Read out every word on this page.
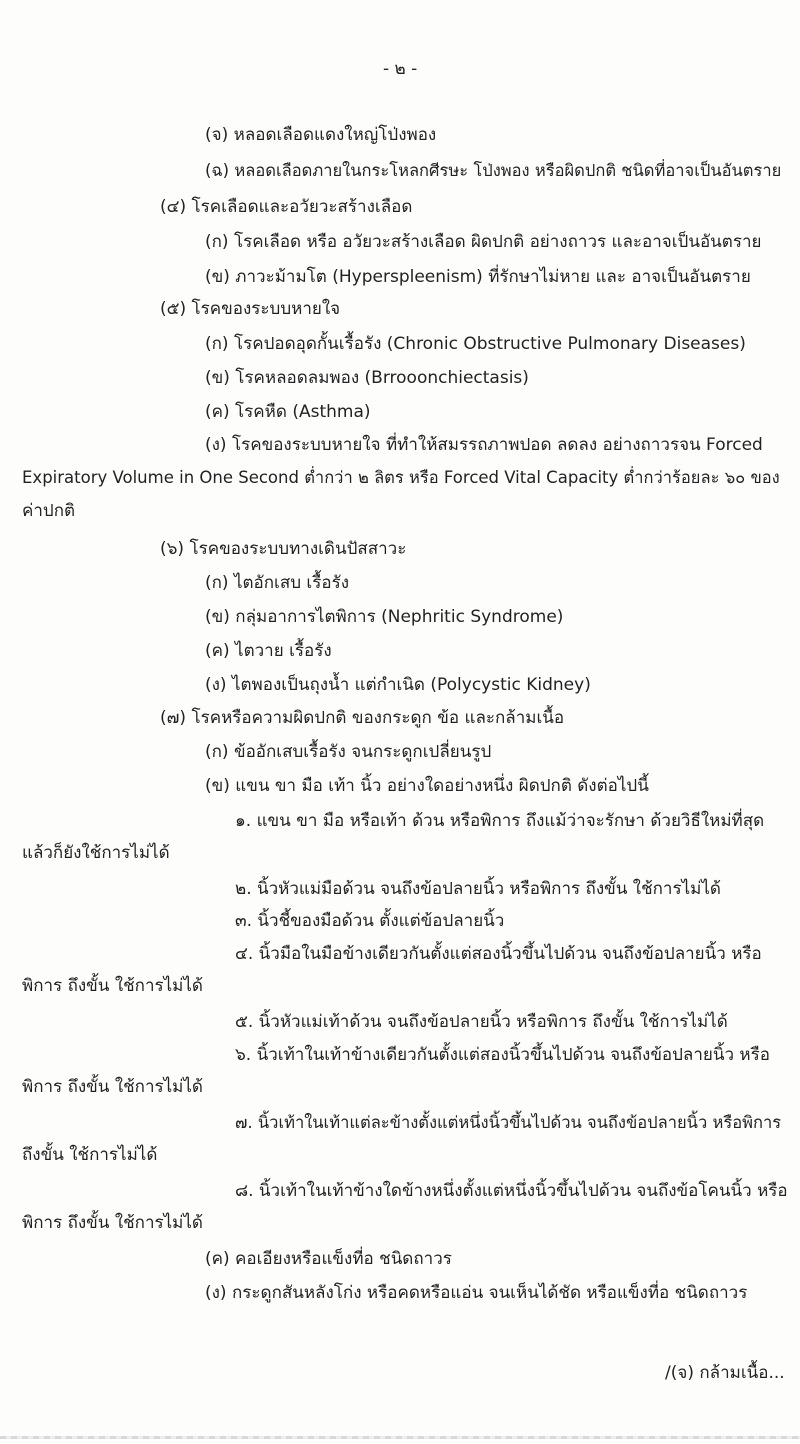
- ๒ -
(จ) หลอดเลือดแดงใหญ่โป่งพอง
(ฉ) หลอดเลือดภายในกระโหลกศีรษะ โป่งพอง หรือผิดปกติ ชนิดที่อาจเป็นอันตราย
(๔) โรคเลือดและอวัยวะสร้างเลือด
(ก) โรคเลือด หรือ อวัยวะสร้างเลือด ผิดปกติ อย่างถาวร และอาจเป็นอันตราย
(ข) ภาวะม้ามโต (Hyperspleenism) ที่รักษาไม่หาย และ อาจเป็นอันตราย
(๕) โรคของระบบหายใจ
(ก) โรคปอดอุดกั้นเรื้อรัง (Chronic Obstructive Pulmonary Diseases)
(ข) โรคหลอดลมพอง (Brrooonchiectasis)
(ค) โรคหืด (Asthma)
(ง) โรคของระบบหายใจ ที่ทำให้สมรรถภาพปอด ลดลง อย่างถาวรจน Forced
Expiratory Volume in One Second ต่ำกว่า ๒ ลิตร หรือ Forced Vital Capacity ต่ำกว่าร้อยละ ๖๐ ของ
ค่าปกติ
(๖) โรคของระบบทางเดินปัสสาวะ
(ก) ไตอักเสบ เรื้อรัง
(ข) กลุ่มอาการไตพิการ (Nephritic Syndrome)
(ค) ไตวาย เรื้อรัง
(ง) ไตพองเป็นถุงน้ำ แต่กำเนิด (Polycystic Kidney)
(๗) โรคหรือความผิดปกติ ของกระดูก ข้อ และกล้ามเนื้อ
(ก) ข้ออักเสบเรื้อรัง จนกระดูกเปลี่ยนรูป
(ข) แขน ขา มือ เท้า นิ้ว อย่างใดอย่างหนึ่ง ผิดปกติ ดังต่อไปนี้
๑. แขน ขา มือ หรือเท้า ด้วน หรือพิการ ถึงแม้ว่าจะรักษา ด้วยวิธีใหม่ที่สุด
แล้วก็ยังใช้การไม่ได้
๒. นิ้วหัวแม่มือด้วน จนถึงข้อปลายนิ้ว หรือพิการ ถึงขั้น ใช้การไม่ได้
๓. นิ้วชี้ของมือด้วน ตั้งแต่ข้อปลายนิ้ว
๔. นิ้วมือในมือข้างเดียวกันตั้งแต่สองนิ้วขึ้นไปด้วน จนถึงข้อปลายนิ้ว หรือ
พิการ ถึงขั้น ใช้การไม่ได้
๕. นิ้วหัวแม่เท้าด้วน จนถึงข้อปลายนิ้ว หรือพิการ ถึงขั้น ใช้การไม่ได้
๖. นิ้วเท้าในเท้าข้างเดียวกันตั้งแต่สองนิ้วขึ้นไปด้วน จนถึงข้อปลายนิ้ว หรือ
พิการ ถึงขั้น ใช้การไม่ได้
๗. นิ้วเท้าในเท้าแต่ละข้างตั้งแต่หนึ่งนิ้วขึ้นไปด้วน จนถึงข้อปลายนิ้ว หรือพิการ
ถึงขั้น ใช้การไม่ได้
๘. นิ้วเท้าในเท้าข้างใดข้างหนึ่งตั้งแต่หนึ่งนิ้วขึ้นไปด้วน จนถึงข้อโคนนิ้ว หรือ
พิการ ถึงขั้น ใช้การไม่ได้
(ค) คอเอียงหรือแข็งที่อ ชนิดถาวร
(ง) กระดูกสันหลังโก่ง หรือคดหรือแอ่น จนเห็นได้ชัด หรือแข็งที่อ ชนิดถาวร
/(จ) กล้ามเนื้อ...
